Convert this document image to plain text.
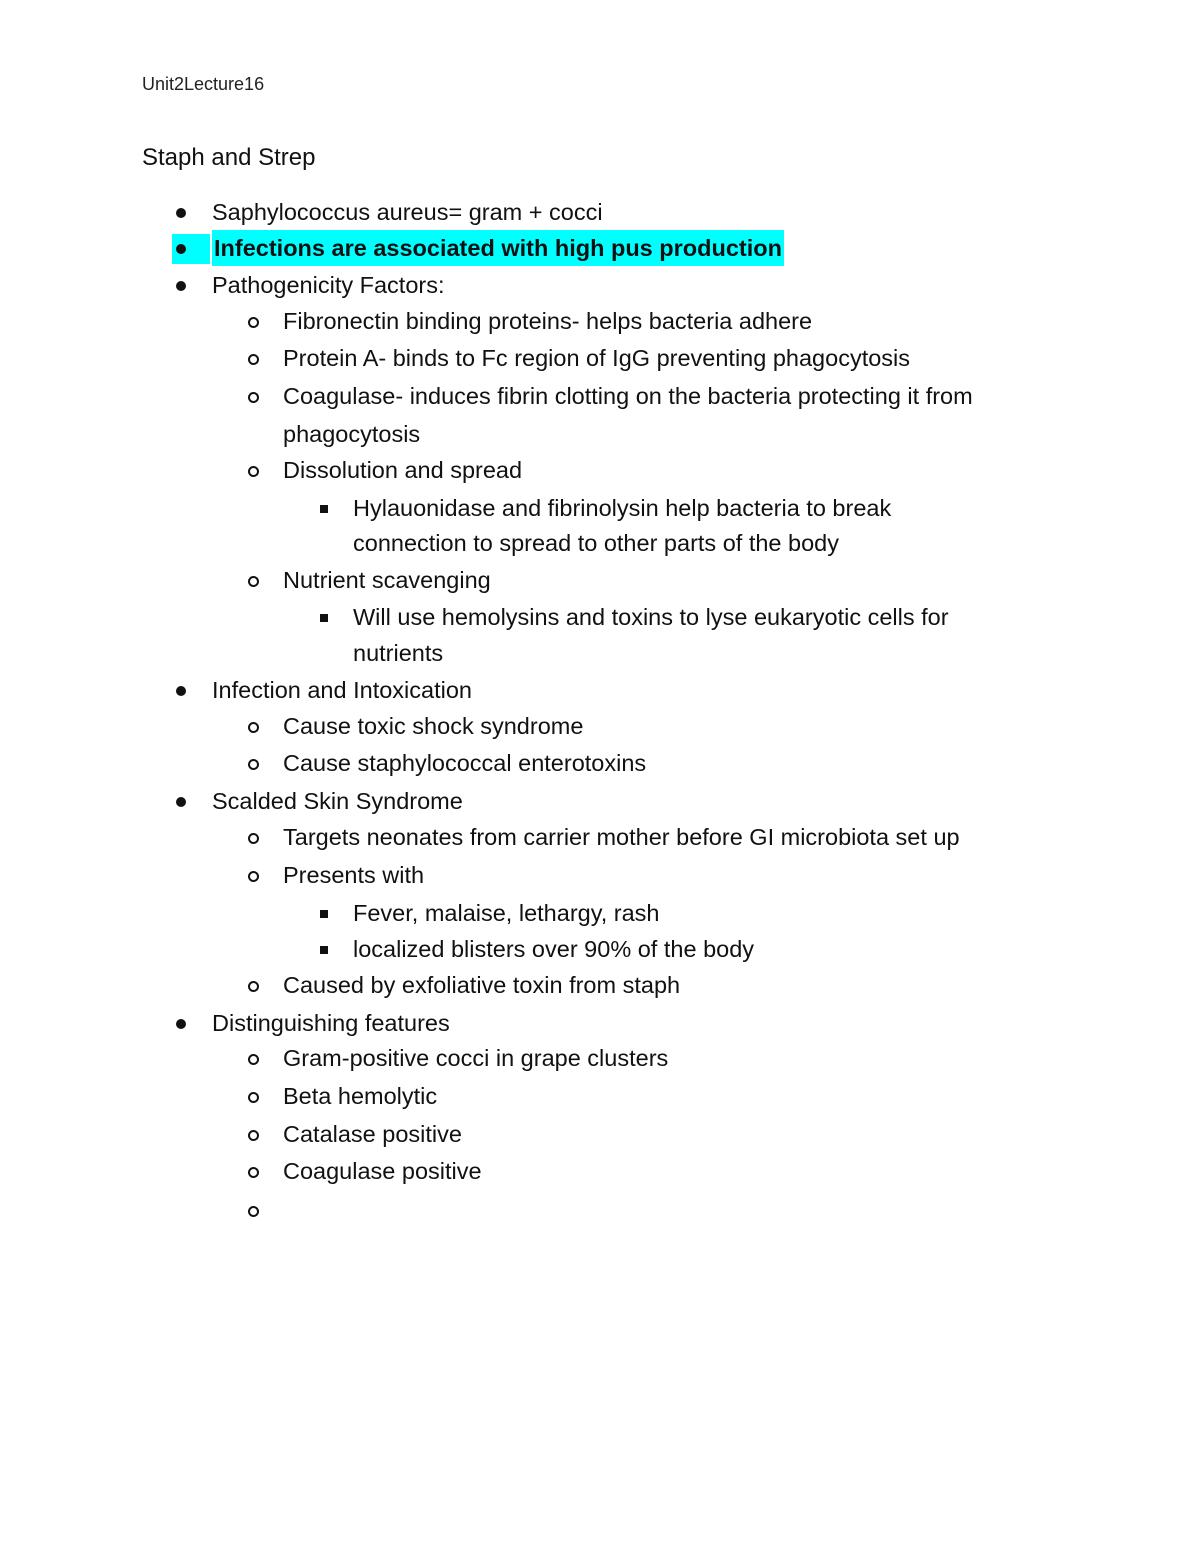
Unit2Lecture16
Staph and Strep
Saphylococcus aureus= gram + cocci
Infections are associated with high pus production
Pathogenicity Factors:
Fibronectin binding proteins- helps bacteria adhere
Protein A- binds to Fc region of IgG preventing phagocytosis
Coagulase- induces fibrin clotting on the bacteria protecting it from
phagocytosis
Dissolution and spread
Hylauonidase and fibrinolysin help bacteria to break
connection to spread to other parts of the body
Nutrient scavenging
Will use hemolysins and toxins to lyse eukaryotic cells for
nutrients
Infection and Intoxication
Cause toxic shock syndrome
Cause staphylococcal enterotoxins
Scalded Skin Syndrome
Targets neonates from carrier mother before GI microbiota set up
Presents with
Fever, malaise, lethargy, rash
localized blisters over 90% of the body
Caused by exfoliative toxin from staph
Distinguishing features
Gram-positive cocci in grape clusters
Beta hemolytic
Catalase positive
Coagulase positive
